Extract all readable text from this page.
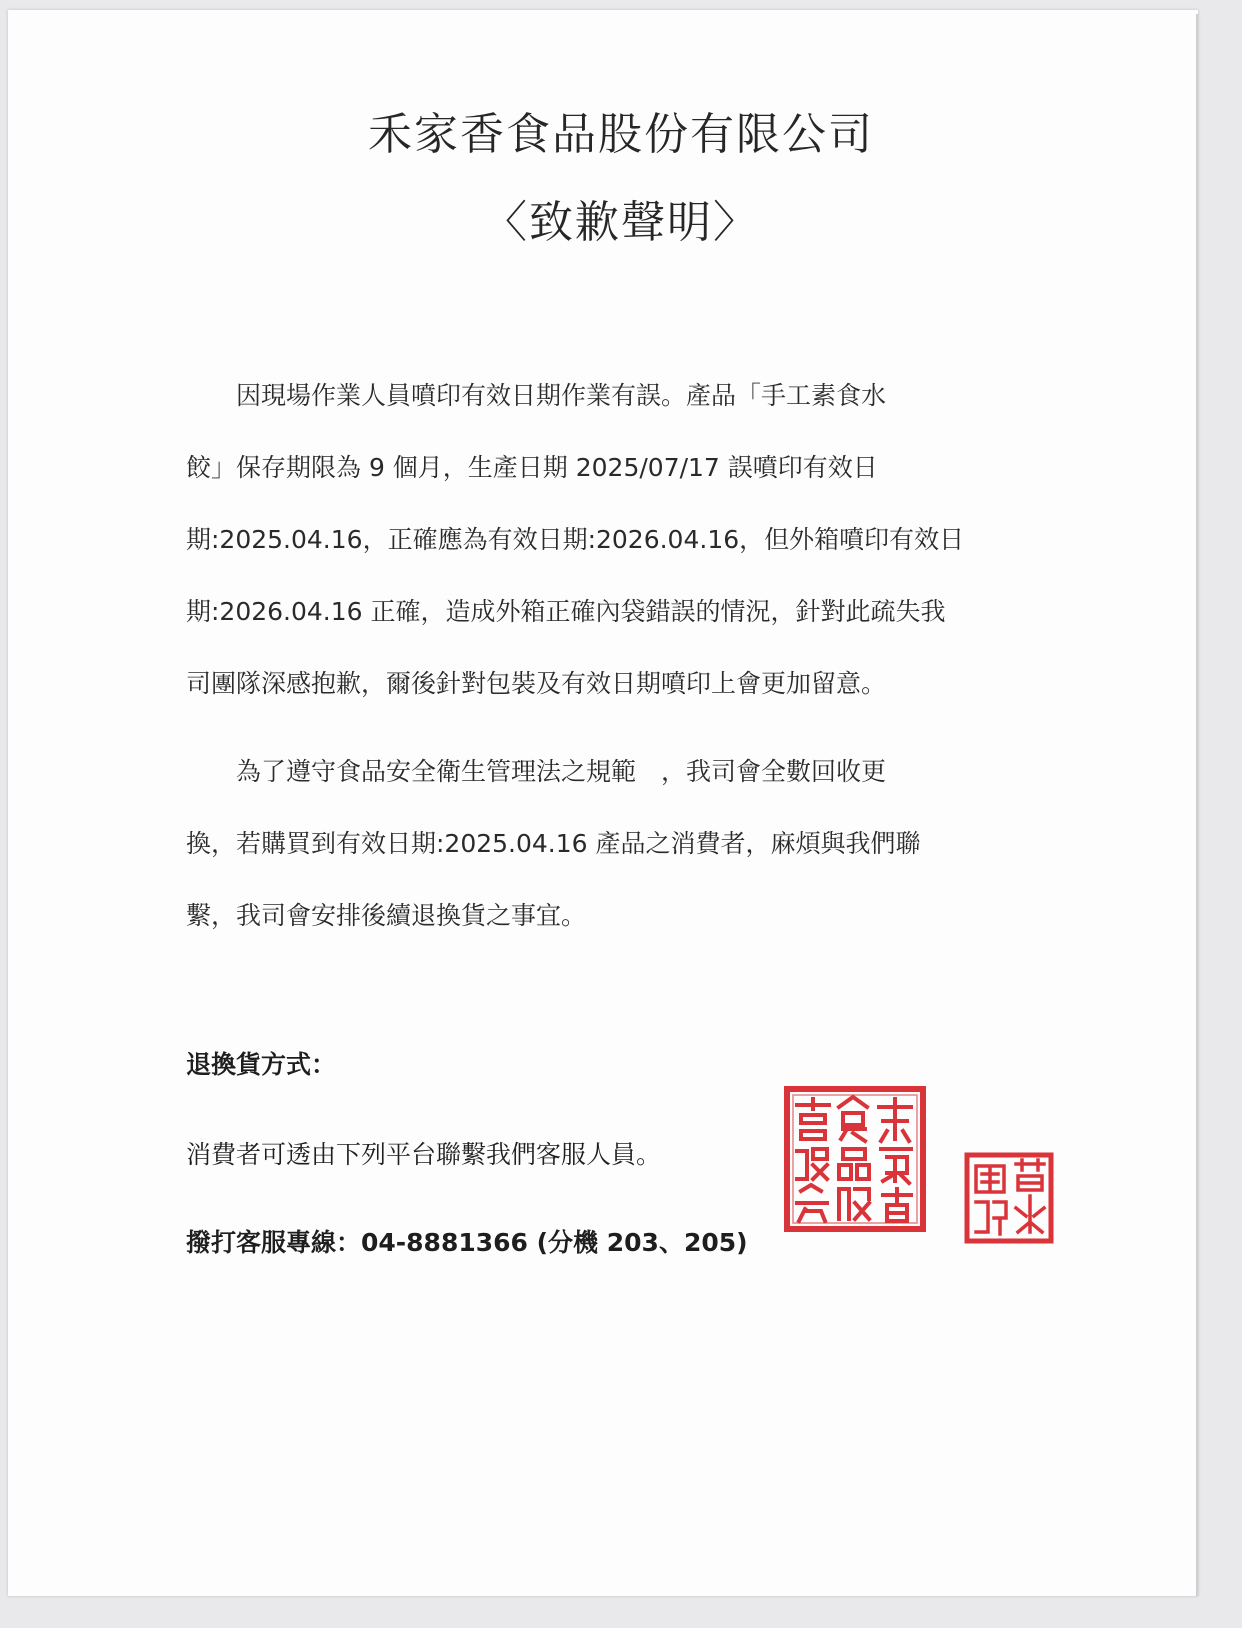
禾家香食品股份有限公司
〈致歉聲明〉
　　因現場作業人員噴印有效日期作業有誤。產品「手工素食水
餃」保存期限為 9 個月，生產日期 2025/07/17 誤噴印有效日
期:2025.04.16，正確應為有效日期:2026.04.16，但外箱噴印有效日
期:2026.04.16 正確，造成外箱正確內袋錯誤的情況，針對此疏失我
司團隊深感抱歉，爾後針對包裝及有效日期噴印上會更加留意。
　　為了遵守食品安全衛生管理法之規範　，我司會全數回收更
換，若購買到有效日期:2025.04.16 產品之消費者，麻煩與我們聯
繫，我司會安排後續退換貨之事宜。

退換貨方式：

消費者可透由下列平台聯繫我們客服人員。

撥打客服專線：04-8881366 (分機 203、205)
